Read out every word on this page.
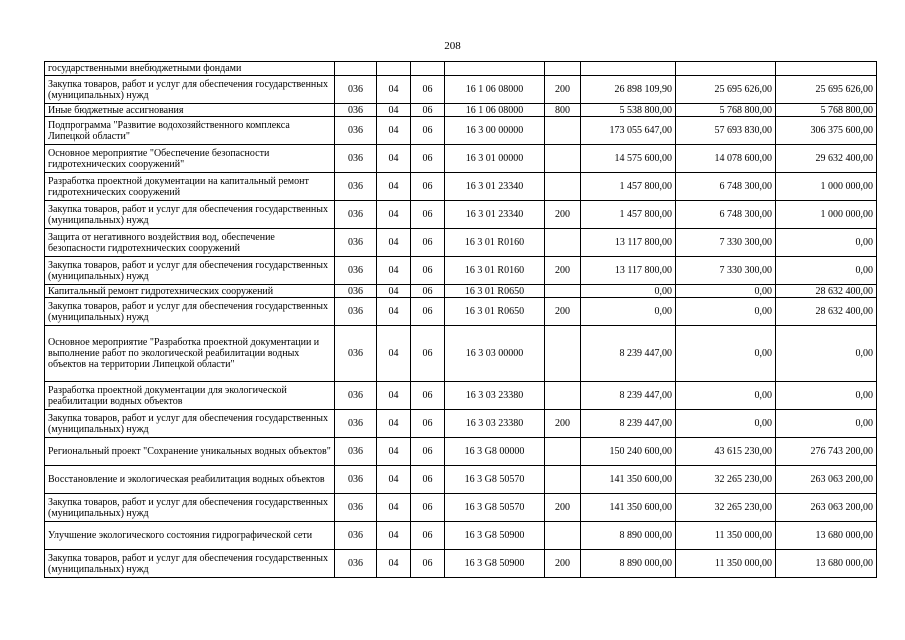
208
государственными внебюджетными фондами								
Закупка товаров, работ и услуг для обеспечения государственных (муниципальных) нужд	036	04	06	16 1 06 08000	200	26 898 109,90	25 695 626,00	25 695 626,00
Иные бюджетные ассигнования	036	04	06	16 1 06 08000	800	5 538 800,00	5 768 800,00	5 768 800,00
Подпрограмма "Развитие водохозяйственного комплекса Липецкой области"	036	04	06	16 3 00 00000		173 055 647,00	57 693 830,00	306 375 600,00
Основное мероприятие "Обеспечение безопасности гидротехнических сооружений"	036	04	06	16 3 01 00000		14 575 600,00	14 078 600,00	29 632 400,00
Разработка проектной документации на капитальный ремонт гидротехнических сооружений	036	04	06	16 3 01 23340		1 457 800,00	6 748 300,00	1 000 000,00
Закупка товаров, работ и услуг для обеспечения государственных (муниципальных) нужд	036	04	06	16 3 01 23340	200	1 457 800,00	6 748 300,00	1 000 000,00
Защита от негативного воздействия вод, обеспечение безопасности гидротехнических сооружений	036	04	06	16 3 01 R0160		13 117 800,00	7 330 300,00	0,00
Закупка товаров, работ и услуг для обеспечения государственных (муниципальных) нужд	036	04	06	16 3 01 R0160	200	13 117 800,00	7 330 300,00	0,00
Капитальный ремонт гидротехнических сооружений	036	04	06	16 3 01 R0650		0,00	0,00	28 632 400,00
Закупка товаров, работ и услуг для обеспечения государственных (муниципальных) нужд	036	04	06	16 3 01 R0650	200	0,00	0,00	28 632 400,00
Основное мероприятие "Разработка проектной документации и выполнение работ по экологической реабилитации водных объектов на территории Липецкой области"	036	04	06	16 3 03 00000		8 239 447,00	0,00	0,00
Разработка проектной документации для экологической реабилитации водных объектов	036	04	06	16 3 03 23380		8 239 447,00	0,00	0,00
Закупка товаров, работ и услуг для обеспечения государственных (муниципальных) нужд	036	04	06	16 3 03 23380	200	8 239 447,00	0,00	0,00
Региональный проект "Сохранение уникальных водных объектов"	036	04	06	16 3 G8 00000		150 240 600,00	43 615 230,00	276 743 200,00
Восстановление и экологическая реабилитация водных объектов	036	04	06	16 3 G8 50570		141 350 600,00	32 265 230,00	263 063 200,00
Закупка товаров, работ и услуг для обеспечения государственных (муниципальных) нужд	036	04	06	16 3 G8 50570	200	141 350 600,00	32 265 230,00	263 063 200,00
Улучшение экологического состояния гидрографической сети	036	04	06	16 3 G8 50900		8 890 000,00	11 350 000,00	13 680 000,00
Закупка товаров, работ и услуг для обеспечения государственных (муниципальных) нужд	036	04	06	16 3 G8 50900	200	8 890 000,00	11 350 000,00	13 680 000,00
